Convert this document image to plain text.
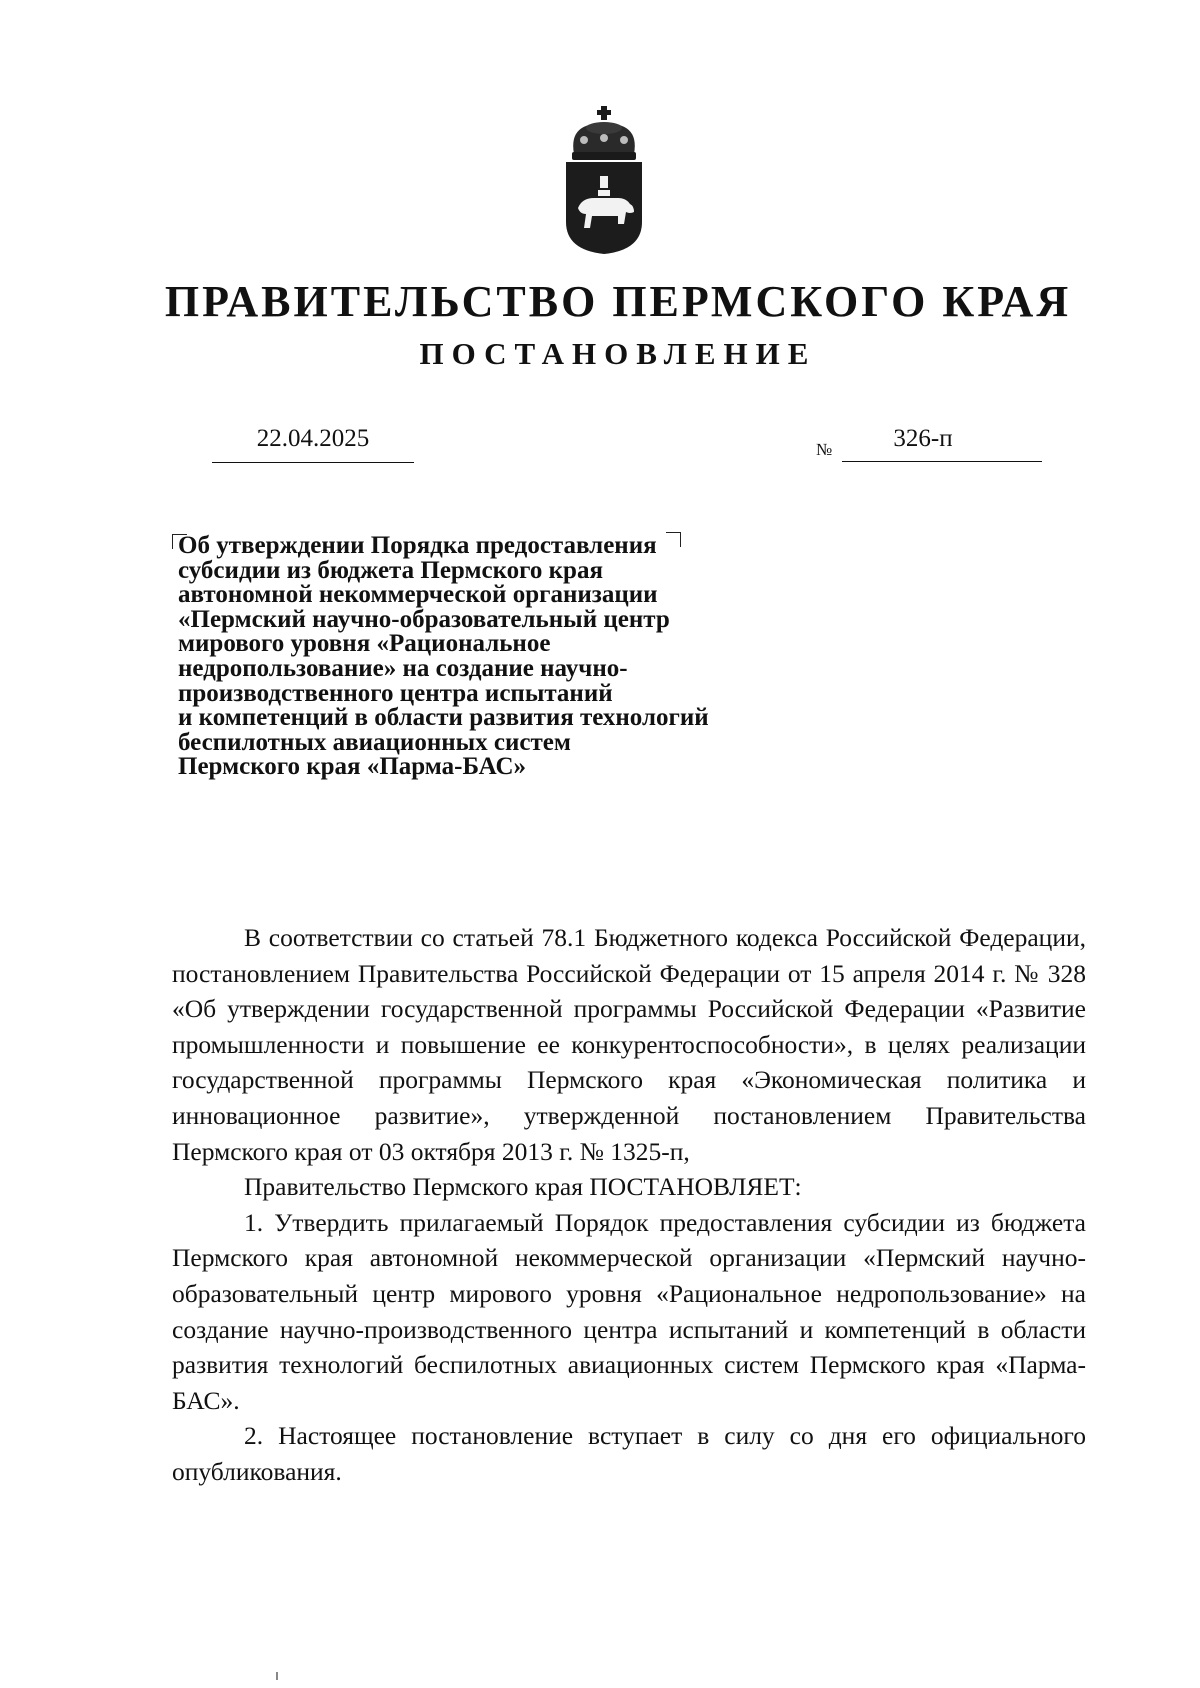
ПРАВИТЕЛЬСТВО ПЕРМСКОГО КРАЯ
ПОСТАНОВЛЕНИЕ
22.04.2025	№	326-п
Об утверждении Порядка предоставления
субсидии из бюджета Пермского края
автономной некоммерческой организации
«Пермский научно-образовательный центр
мирового уровня «Рациональное
недропользование» на создание научно-
производственного центра испытаний
и компетенций в области развития технологий
беспилотных авиационных систем
Пермского края «Парма-БАС»

В соответствии со статьей 78.1 Бюджетного кодекса Российской Федерации, постановлением Правительства Российской Федерации от 15 апреля 2014 г. № 328 «Об утверждении государственной программы Российской Федерации «Развитие промышленности и повышение ее конкурентоспособности», в целях реализации государственной программы Пермского края «Экономическая политика и инновационное развитие», утвержденной постановлением Правительства Пермского края от 03 октября 2013 г. № 1325-п,

Правительство Пермского края ПОСТАНОВЛЯЕТ:

1. Утвердить прилагаемый Порядок предоставления субсидии из бюджета Пермского края автономной некоммерческой организации «Пермский научно-образовательный центр мирового уровня «Рациональное недропользование» на создание научно-производственного центра испытаний и компетенций в области развития технологий беспилотных авиационных систем Пермского края «Парма-БАС».

2. Настоящее постановление вступает в силу со дня его официального опубликования.
